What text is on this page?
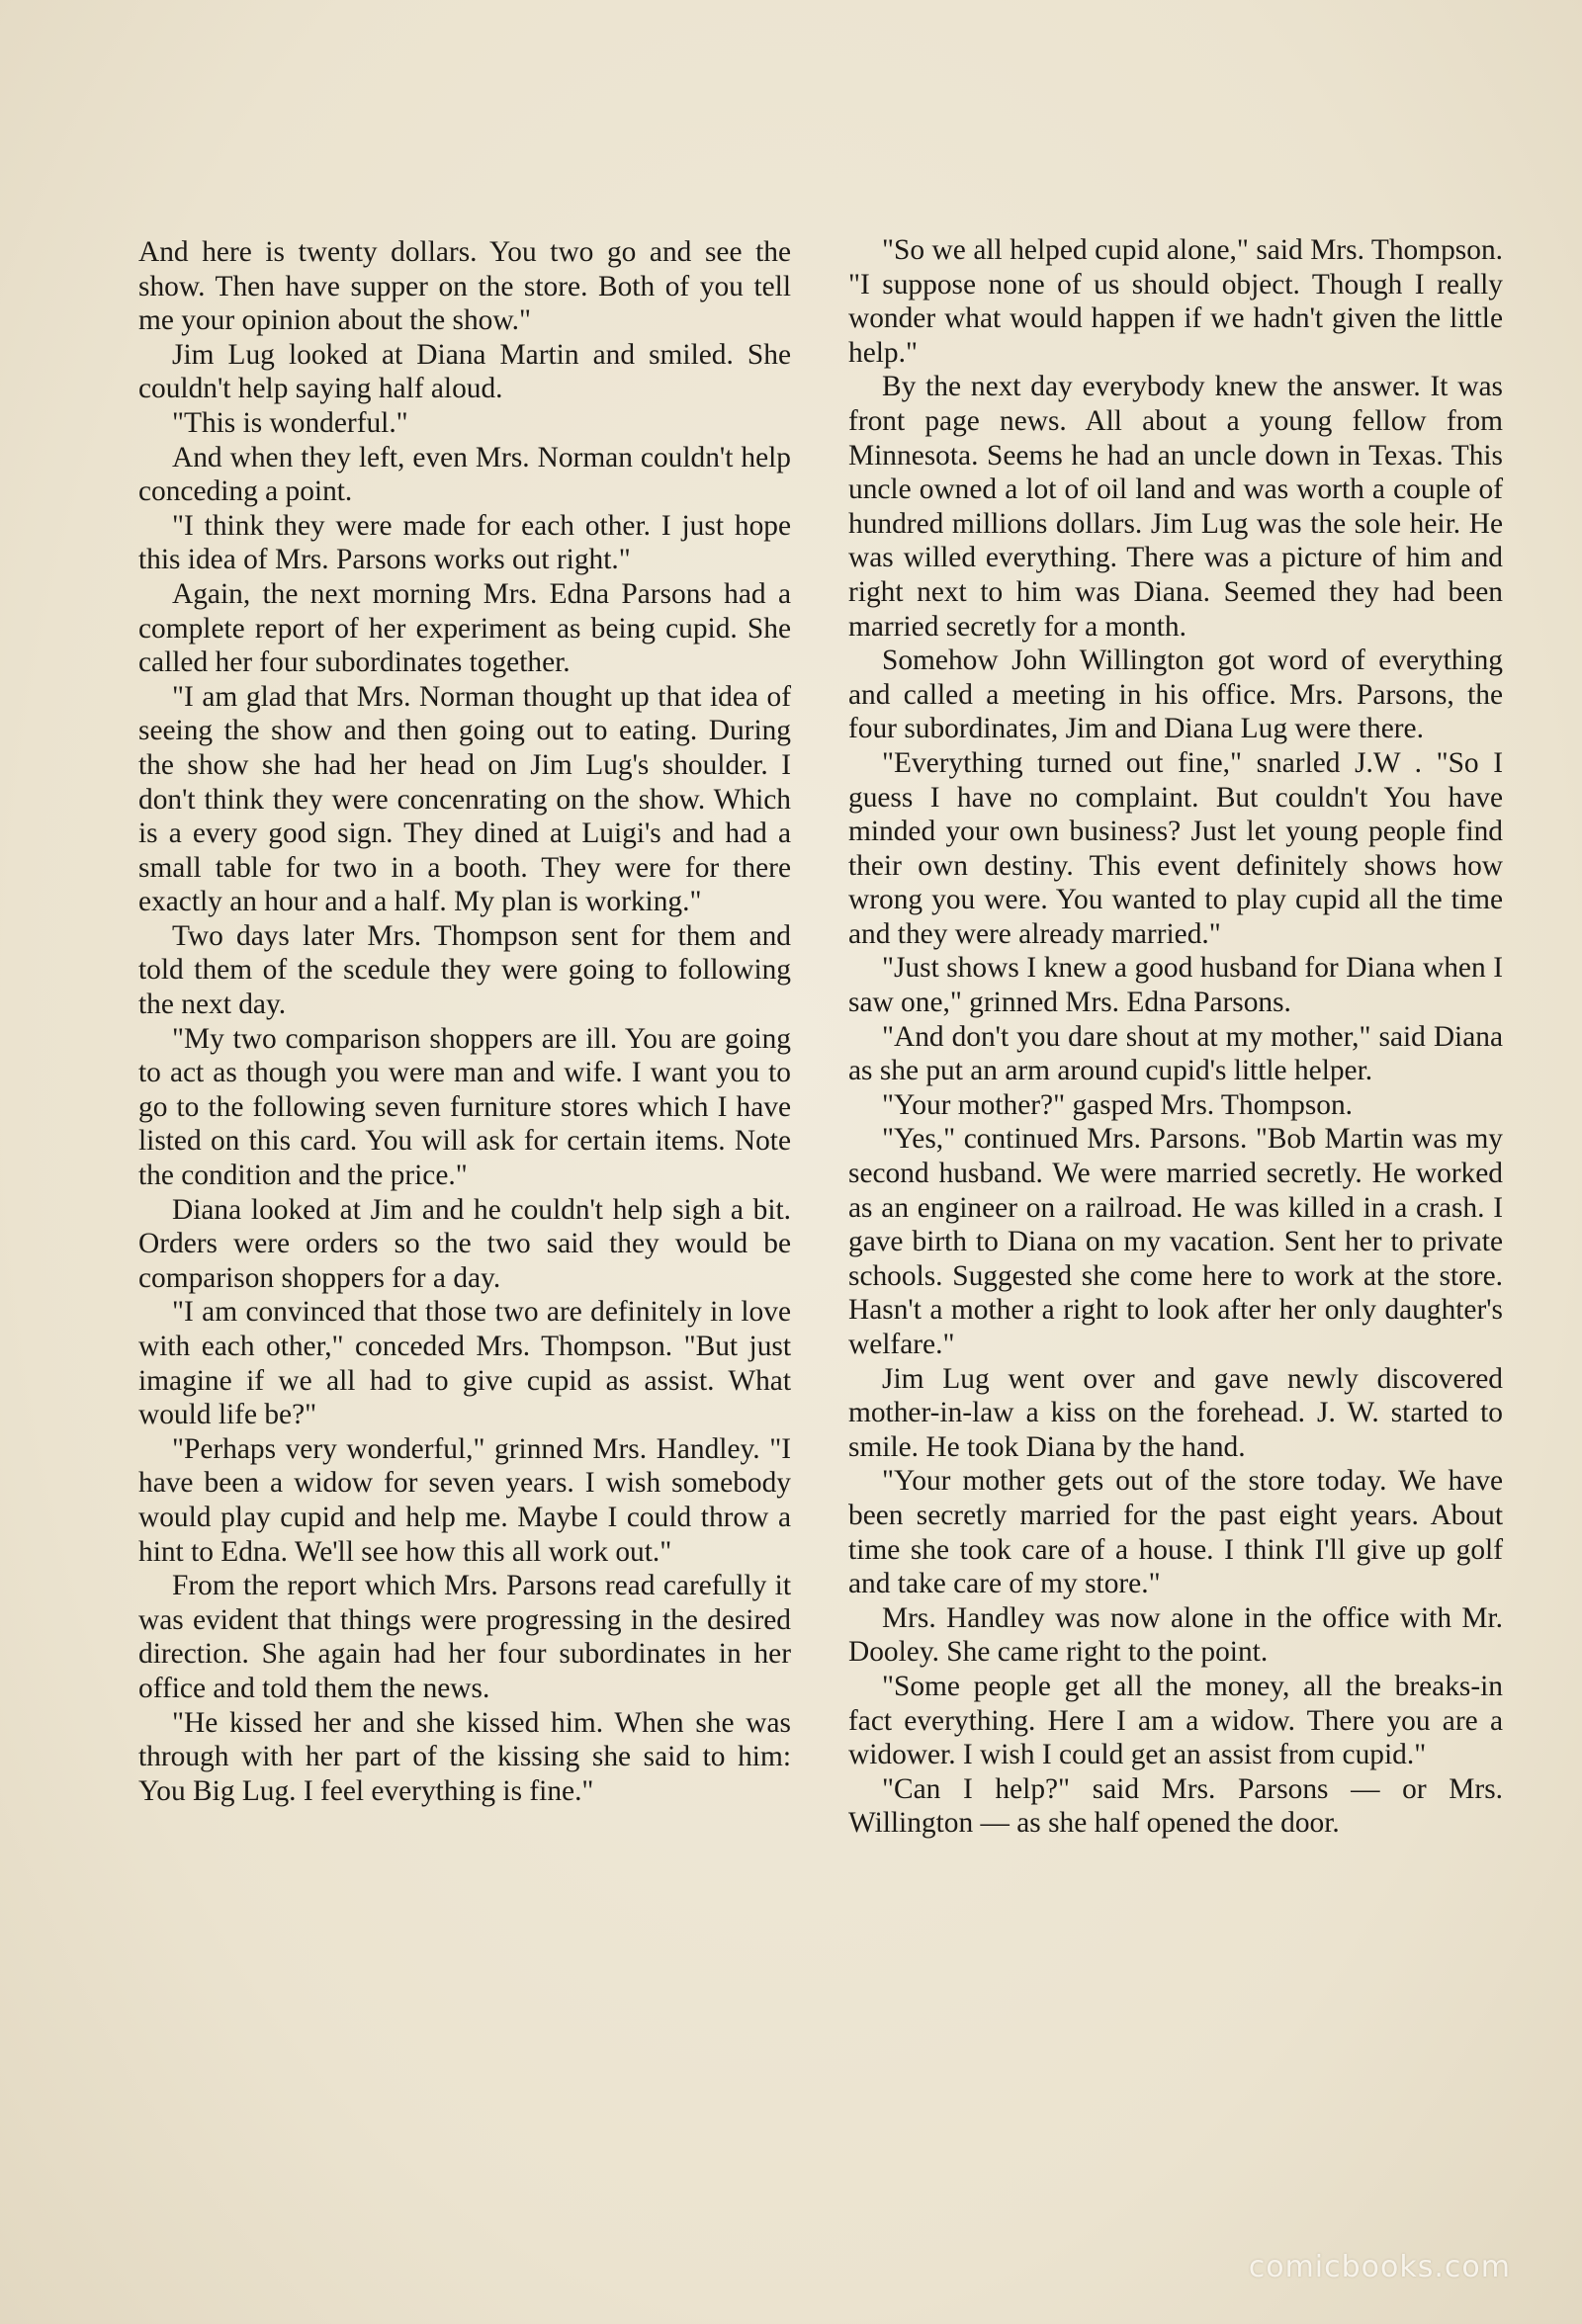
And here is twenty dollars. You two go and see the show. Then have supper on the store. Both of you tell me your opinion about the show."

Jim Lug looked at Diana Martin and smiled. She couldn't help saying half aloud.

"This is wonderful."

And when they left, even Mrs. Norman couldn't help conceding a point.

"I think they were made for each other. I just hope this idea of Mrs. Parsons works out right."

Again, the next morning Mrs. Edna Parsons had a complete report of her experiment as being cupid. She called her four subordinates together.

"I am glad that Mrs. Norman thought up that idea of seeing the show and then going out to eating. During the show she had her head on Jim Lug's shoulder. I don't think they were concenrating on the show. Which is a every good sign. They dined at Luigi's and had a small table for two in a booth. They were for there exactly an hour and a half. My plan is working."

Two days later Mrs. Thompson sent for them and told them of the scedule they were going to following the next day.

"My two comparison shoppers are ill. You are going to act as though you were man and wife. I want you to go to the following seven furniture stores which I have listed on this card. You will ask for certain items. Note the condition and the price."

Diana looked at Jim and he couldn't help sigh a bit. Orders were orders so the two said they would be comparison shoppers for a day.

"I am convinced that those two are definitely in love with each other," conceded Mrs. Thompson. "But just imagine if we all had to give cupid as assist. What would life be?"

"Perhaps very wonderful," grinned Mrs. Handley. "I have been a widow for seven years. I wish somebody would play cupid and help me. Maybe I could throw a hint to Edna. We'll see how this all work out."

From the report which Mrs. Parsons read carefully it was evident that things were progressing in the desired direction. She again had her four subordinates in her office and told them the news.

"He kissed her and she kissed him. When she was through with her part of the kissing she said to him: You Big Lug. I feel everything is fine."

"So we all helped cupid alone," said Mrs. Thompson. "I suppose none of us should object. Though I really wonder what would happen if we hadn't given the little help."

By the next day everybody knew the answer. It was front page news. All about a young fellow from Minnesota. Seems he had an uncle down in Texas. This uncle owned a lot of oil land and was worth a couple of hundred millions dollars. Jim Lug was the sole heir. He was willed everything. There was a picture of him and right next to him was Diana. Seemed they had been married secretly for a month.

Somehow John Willington got word of everything and called a meeting in his office. Mrs. Parsons, the four subordinates, Jim and Diana Lug were there.

"Everything turned out fine," snarled J.W . "So I guess I have no complaint. But couldn't You have minded your own business? Just let young people find their own destiny. This event definitely shows how wrong you were. You wanted to play cupid all the time and they were already married."

"Just shows I knew a good husband for Diana when I saw one," grinned Mrs. Edna Parsons.

"And don't you dare shout at my mother," said Diana as she put an arm around cupid's little helper.

"Your mother?" gasped Mrs. Thompson.

"Yes," continued Mrs. Parsons. "Bob Martin was my second husband. We were married secretly. He worked as an engineer on a railroad. He was killed in a crash. I gave birth to Diana on my vacation. Sent her to private schools. Suggested she come here to work at the store. Hasn't a mother a right to look after her only daughter's welfare."

Jim Lug went over and gave newly discovered mother-in-law a kiss on the forehead. J. W. started to smile. He took Diana by the hand.

"Your mother gets out of the store today. We have been secretly married for the past eight years. About time she took care of a house. I think I'll give up golf and take care of my store."

Mrs. Handley was now alone in the office with Mr. Dooley. She came right to the point.

"Some people get all the money, all the breaks-in fact everything. Here I am a widow. There you are a widower. I wish I could get an assist from cupid."

"Can I help?" said Mrs. Parsons — or Mrs. Willington — as she half opened the door.

comicbooks.com
